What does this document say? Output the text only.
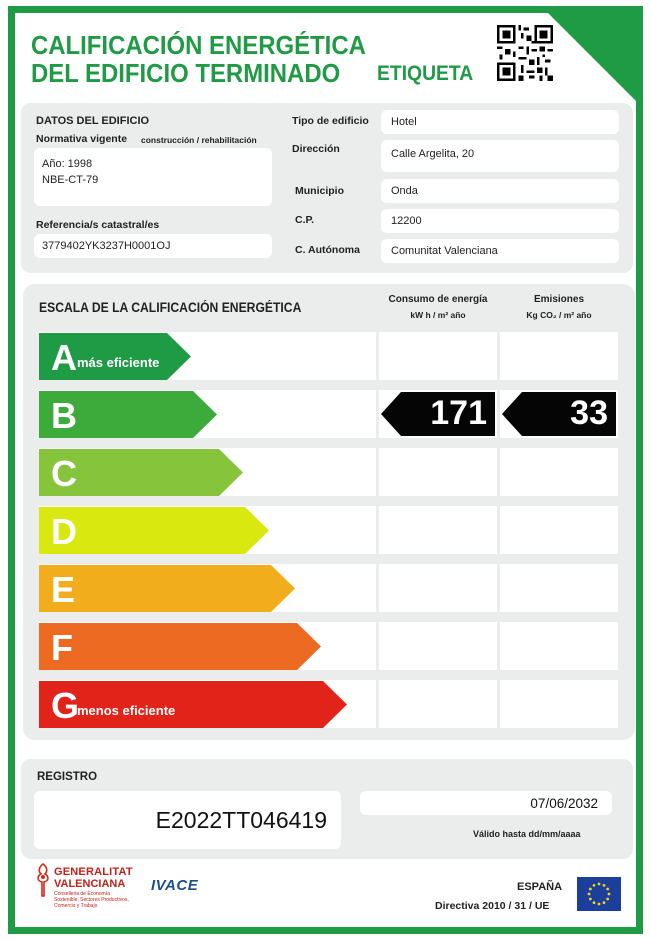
CALIFICACIÓN ENERGÉTICA
DEL EDIFICIO TERMINADO ETIQUETA
DATOS DEL EDIFICIO
Normativa vigente construcción / rehabilitación
Año: 1998
NBE-CT-79
Referencia/s catastral/es
3779402YK3237H0001OJ
Tipo de edificio Hotel
Dirección	Calle Argelita, 20
Municipio	Onda
C.P.	12200
C. Autónoma	Comunitat Valenciana
ESCALA DE LA CALIFICACIÓN ENERGÉTICA
Consumo de energía
kW h / m² año
Emisiones
Kg CO₂ / m² año
A más eficiente
B	171 33
C
D
E
F
G
menos eficiente
REGISTRO
E2022TT046419
07/06/2032
Válido hasta dd/mm/aaaa
GENERALITAT
VALENCIANA
Conselleria de Economía
Sostenible, Sectores Productivos,
Comercio y Trabajo
IVACE	ESPAÑA
Directiva 2010 / 31 / UE
